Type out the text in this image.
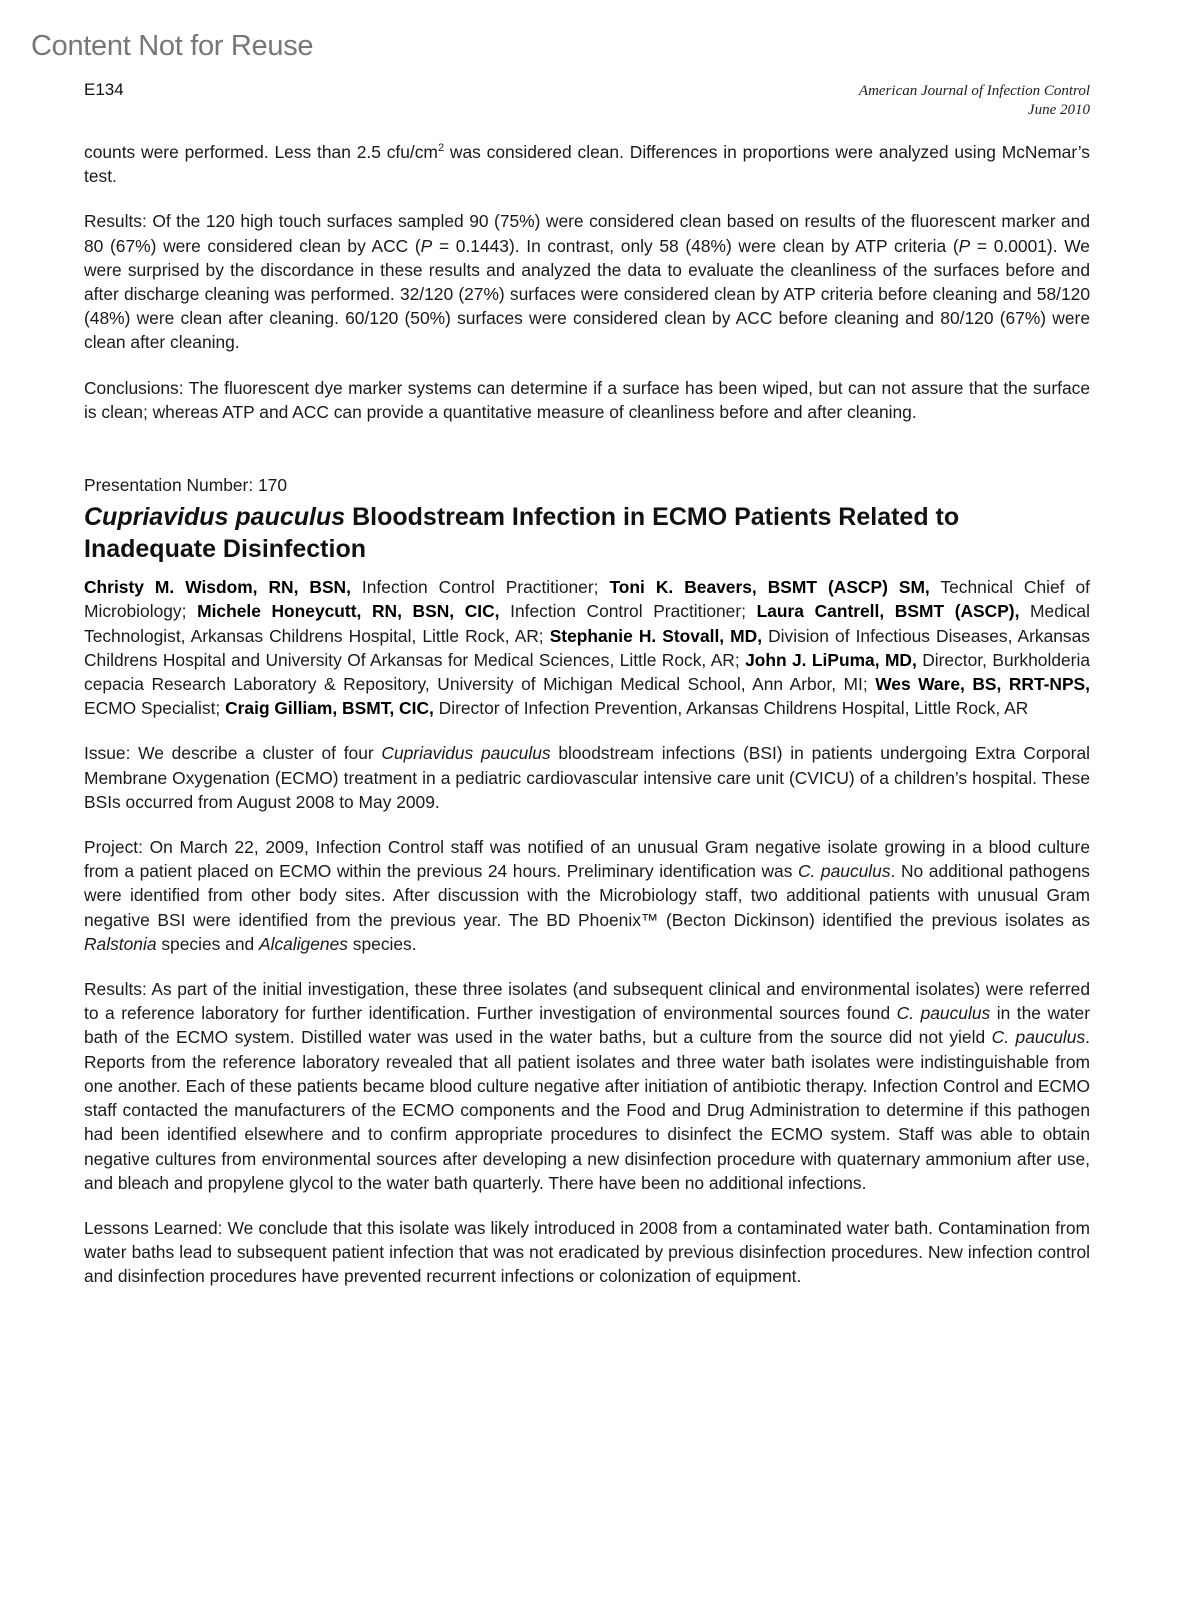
Content Not for Reuse
E134	American Journal of Infection Control
June 2010

counts were performed. Less than 2.5 cfu/$cm^2$ was considered clean. Differences in proportions were analyzed using McNemar’s test.

Results: Of the 120 high touch surfaces sampled 90 (75%) were considered clean based on results of the fluorescent marker and 80 (67%) were considered clean by ACC (P = 0.1443). In contrast, only 58 (48%) were clean by ATP criteria (P = 0.0001). We were surprised by the discordance in these results and analyzed the data to evaluate the cleanliness of the surfaces before and after discharge cleaning was performed. 32/120 (27%) surfaces were considered clean by ATP criteria before cleaning and 58/120 (48%) were clean after cleaning. 60/120 (50%) surfaces were considered clean by ACC before cleaning and 80/120 (67%) were clean after cleaning.

Conclusions: The fluorescent dye marker systems can determine if a surface has been wiped, but can not assure that the surface is clean; whereas ATP and ACC can provide a quantitative measure of cleanliness before and after cleaning.

Presentation Number: 170
Cupriavidus pauculus Bloodstream Infection in ECMO Patients Related to Inadequate Disinfection

Christy M. Wisdom, RN, BSN, Infection Control Practitioner; Toni K. Beavers, BSMT (ASCP) SM, Technical Chief of Microbiology; Michele Honeycutt, RN, BSN, CIC, Infection Control Practitioner; Laura Cantrell, BSMT (ASCP), Medical Technologist, Arkansas Childrens Hospital, Little Rock, AR; Stephanie H. Stovall, MD, Division of Infectious Diseases, Arkansas Childrens Hospital and University Of Arkansas for Medical Sciences, Little Rock, AR; John J. LiPuma, MD, Director, Burkholderia cepacia Research Laboratory & Repository, University of Michigan Medical School, Ann Arbor, MI; Wes Ware, BS, RRT-NPS, ECMO Specialist; Craig Gilliam, BSMT, CIC, Director of Infection Prevention, Arkansas Childrens Hospital, Little Rock, AR

Issue: We describe a cluster of four Cupriavidus pauculus bloodstream infections (BSI) in patients undergoing Extra Corporal Membrane Oxygenation (ECMO) treatment in a pediatric cardiovascular intensive care unit (CVICU) of a children’s hospital. These BSIs occurred from August 2008 to May 2009.

Project: On March 22, 2009, Infection Control staff was notified of an unusual Gram negative isolate growing in a blood culture from a patient placed on ECMO within the previous 24 hours. Preliminary identification was C. pauculus. No additional pathogens were identified from other body sites. After discussion with the Microbiology staff, two additional patients with unusual Gram negative BSI were identified from the previous year. The BD Phoenix™ (Becton Dickinson) identified the previous isolates as Ralstonia species and Alcaligenes species.

Results: As part of the initial investigation, these three isolates (and subsequent clinical and environmental isolates) were referred to a reference laboratory for further identification. Further investigation of environmental sources found C. pauculus in the water bath of the ECMO system. Distilled water was used in the water baths, but a culture from the source did not yield C. pauculus. Reports from the reference laboratory revealed that all patient isolates and three water bath isolates were indistinguishable from one another. Each of these patients became blood culture negative after initiation of antibiotic therapy. Infection Control and ECMO staff contacted the manufacturers of the ECMO components and the Food and Drug Administration to determine if this pathogen had been identified elsewhere and to confirm appropriate procedures to disinfect the ECMO system. Staff was able to obtain negative cultures from environmental sources after developing a new disinfection procedure with quaternary ammonium after use, and bleach and propylene glycol to the water bath quarterly. There have been no additional infections.

Lessons Learned: We conclude that this isolate was likely introduced in 2008 from a contaminated water bath. Contamination from water baths lead to subsequent patient infection that was not eradicated by previous disinfection procedures. New infection control and disinfection procedures have prevented recurrent infections or colonization of equipment.
